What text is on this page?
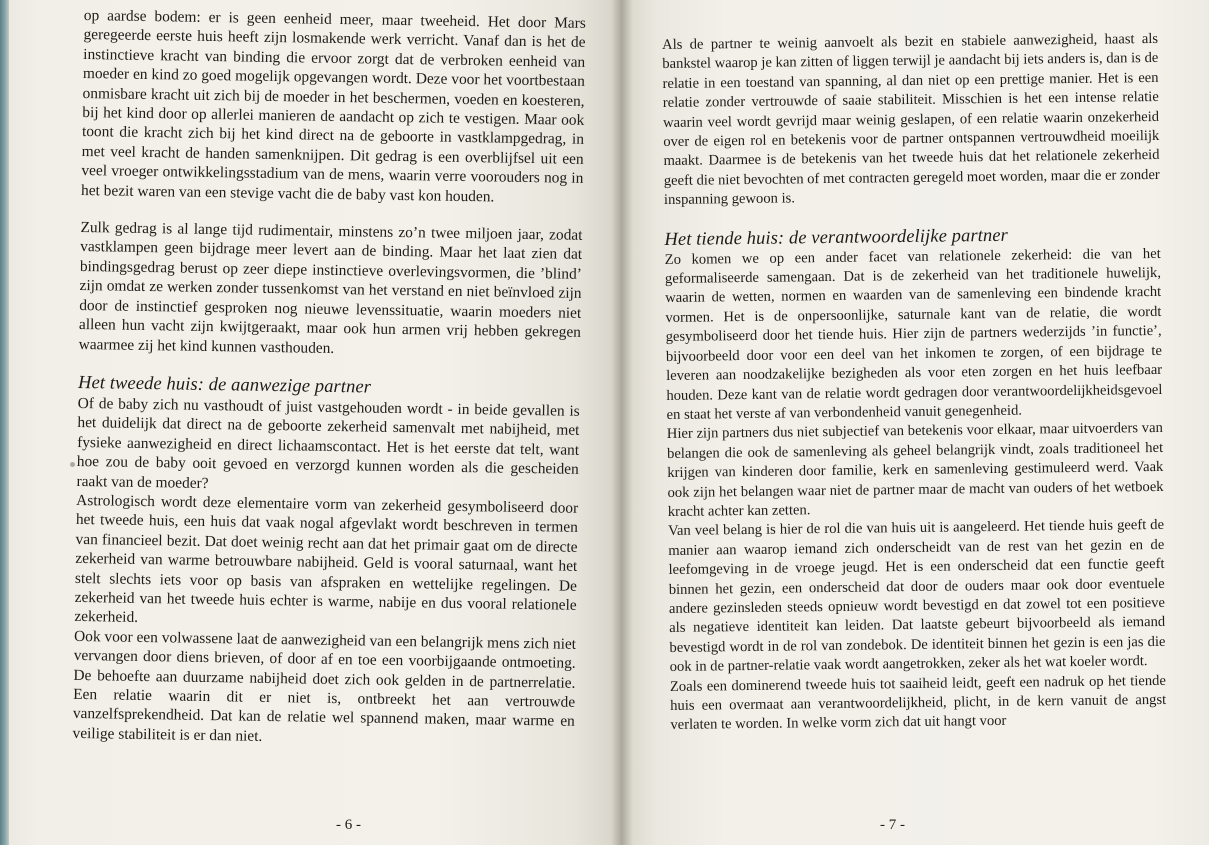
op aardse bodem: er is geen eenheid meer, maar tweeheid. Het door Mars geregeerde eerste huis heeft zijn losmakende werk verricht. Vanaf dan is het de instinctieve kracht van binding die ervoor zorgt dat de verbroken eenheid van moeder en kind zo goed mogelijk opgevangen wordt. Deze voor het voortbestaan onmisbare kracht uit zich bij de moeder in het beschermen, voeden en koesteren, bij het kind door op allerlei manieren de aandacht op zich te vestigen. Maar ook toont die kracht zich bij het kind direct na de geboorte in vastklampgedrag, in met veel kracht de handen samenknijpen. Dit gedrag is een overblijfsel uit een veel vroeger ontwikkelingsstadium van de mens, waarin verre voorouders nog in het bezit waren van een stevige vacht die de baby vast kon houden.

Zulk gedrag is al lange tijd rudimentair, minstens zo’n twee miljoen jaar, zodat vastklampen geen bijdrage meer levert aan de binding. Maar het laat zien dat bindingsgedrag berust op zeer diepe instinctieve overlevingsvormen, die ’blind’ zijn omdat ze werken zonder tussenkomst van het verstand en niet beïnvloed zijn door de instinctief gesproken nog nieuwe levenssituatie, waarin moeders niet alleen hun vacht zijn kwijtgeraakt, maar ook hun armen vrij hebben gekregen waarmee zij het kind kunnen vasthouden.

Het tweede huis: de aanwezige partner

Of de baby zich nu vasthoudt of juist vastgehouden wordt - in beide gevallen is het duidelijk dat direct na de geboorte zekerheid samenvalt met nabijheid, met fysieke aanwezigheid en direct lichaamscontact. Het is het eerste dat telt, want hoe zou de baby ooit gevoed en verzorgd kunnen worden als die gescheiden raakt van de moeder?

Astrologisch wordt deze elementaire vorm van zekerheid gesymboliseerd door het tweede huis, een huis dat vaak nogal afgevlakt wordt beschreven in termen van financieel bezit. Dat doet weinig recht aan dat het primair gaat om de directe zekerheid van warme betrouwbare nabijheid. Geld is vooral saturnaal, want het stelt slechts iets voor op basis van afspraken en wettelijke regelingen. De zekerheid van het tweede huis echter is warme, nabije en dus vooral relationele zekerheid.

Ook voor een volwassene laat de aanwezigheid van een belangrijk mens zich niet vervangen door diens brieven, of door af en toe een voorbijgaande ontmoeting. De behoefte aan duurzame nabijheid doet zich ook gelden in de partnerrelatie. Een relatie waarin dit er niet is, ontbreekt het aan vertrouwde vanzelfsprekendheid. Dat kan de relatie wel spannend maken, maar warme en veilige stabiliteit is er dan niet.

Als de partner te weinig aanvoelt als bezit en stabiele aanwezigheid, haast als bankstel waarop je kan zitten of liggen terwijl je aandacht bij iets anders is, dan is de relatie in een toestand van spanning, al dan niet op een prettige manier. Het is een relatie zonder vertrouwde of saaie stabiliteit. Misschien is het een intense relatie waarin veel wordt gevrijd maar weinig geslapen, of een relatie waarin onzekerheid over de eigen rol en betekenis voor de partner ontspannen vertrouwdheid moeilijk maakt. Daarmee is de betekenis van het tweede huis dat het relationele zekerheid geeft die niet bevochten of met contracten geregeld moet worden, maar die er zonder inspanning gewoon is.

Het tiende huis: de verantwoordelijke partner

Zo komen we op een ander facet van relationele zekerheid: die van het geformaliseerde samengaan. Dat is de zekerheid van het traditionele huwelijk, waarin de wetten, normen en waarden van de samenleving een bindende kracht vormen. Het is de onpersoonlijke, saturnale kant van de relatie, die wordt gesymboliseerd door het tiende huis. Hier zijn de partners wederzijds ’in functie’, bijvoorbeeld door voor een deel van het inkomen te zorgen, of een bijdrage te leveren aan noodzakelijke bezigheden als voor eten zorgen en het huis leefbaar houden. Deze kant van de relatie wordt gedragen door verantwoordelijkheidsgevoel en staat het verste af van verbondenheid vanuit genegenheid.

Hier zijn partners dus niet subjectief van betekenis voor elkaar, maar uitvoerders van belangen die ook de samenleving als geheel belangrijk vindt, zoals traditioneel het krijgen van kinderen door familie, kerk en samenleving gestimuleerd werd. Vaak ook zijn het belangen waar niet de partner maar de macht van ouders of het wetboek kracht achter kan zetten.

Van veel belang is hier de rol die van huis uit is aangeleerd. Het tiende huis geeft de manier aan waarop iemand zich onderscheidt van de rest van het gezin en de leefomgeving in de vroege jeugd. Het is een onderscheid dat een functie geeft binnen het gezin, een onderscheid dat door de ouders maar ook door eventuele andere gezinsleden steeds opnieuw wordt bevestigd en dat zowel tot een positieve als negatieve identiteit kan leiden. Dat laatste gebeurt bijvoorbeeld als iemand bevestigd wordt in de rol van zondebok. De identiteit binnen het gezin is een jas die ook in de partner-relatie vaak wordt aangetrokken, zeker als het wat koeler wordt.

Zoals een dominerend tweede huis tot saaiheid leidt, geeft een nadruk op het tiende huis een overmaat aan verantwoordelijkheid, plicht, in de kern vanuit de angst verlaten te worden. In welke vorm zich dat uit hangt voor

- 6 -	- 7 -
